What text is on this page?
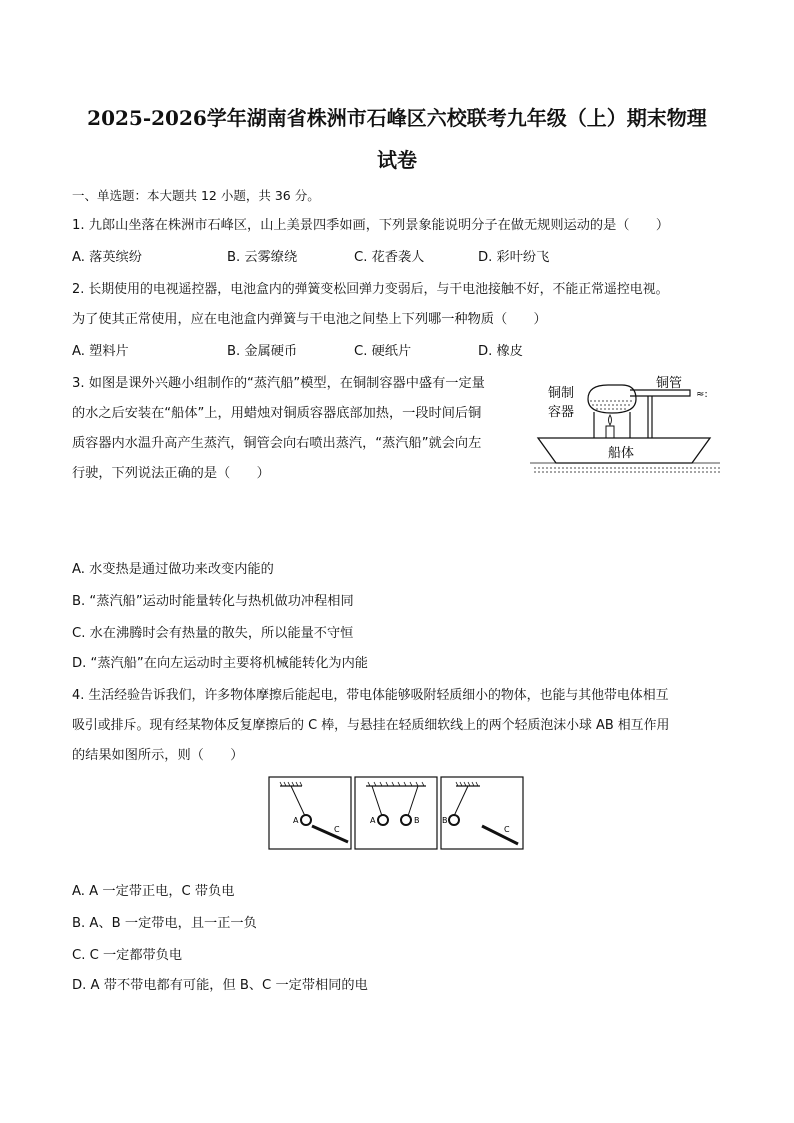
2025-2026学年湖南省株洲市石峰区六校联考九年级（上）期末物理
试卷
一、单选题：本大题共 12 小题，共 36 分。
1. 九郎山坐落在株洲市石峰区，山上美景四季如画，下列景象能说明分子在做无规则运动的是（　　）
A. 落英缤纷	B. 云雾缭绕	C. 花香袭人	D. 彩叶纷飞
2. 长期使用的电视遥控器，电池盒内的弹簧变松回弹力变弱后，与干电池接触不好，不能正常遥控电视。
为了使其正常使用，应在电池盒内弹簧与干电池之间垫上下列哪一种物质（　　）
A. 塑料片	B. 金属硬币	C. 硬纸片	D. 橡皮
3. 如图是课外兴趣小组制作的“蒸汽船”模型，在铜制容器中盛有一定量
的水之后安装在“船体”上，用蜡烛对铜质容器底部加热，一段时间后铜
质容器内水温升高产生蒸汽，铜管会向右喷出蒸汽，“蒸汽船”就会向左
行驶，下列说法正确的是（　　）
铜管
铜制
容器
≈:
船体
A. 水变热是通过做功来改变内能的
B. “蒸汽船”运动时能量转化与热机做功冲程相同
C. 水在沸腾时会有热量的散失，所以能量不守恒
D. “蒸汽船”在向左运动时主要将机械能转化为内能
4. 生活经验告诉我们，许多物体摩擦后能起电，带电体能够吸附轻质细小的物体，也能与其他带电体相互
吸引或排斥。现有经某物体反复摩擦后的 C 棒，与悬挂在轻质细软线上的两个轻质泡沫小球 AB 相互作用
的结果如图所示，则（　　）
A
C
A	B	B
C
A. A 一定带正电，C 带负电
B. A、B 一定带电，且一正一负
C. C 一定都带负电
D. A 带不带电都有可能，但 B、C 一定带相同的电
